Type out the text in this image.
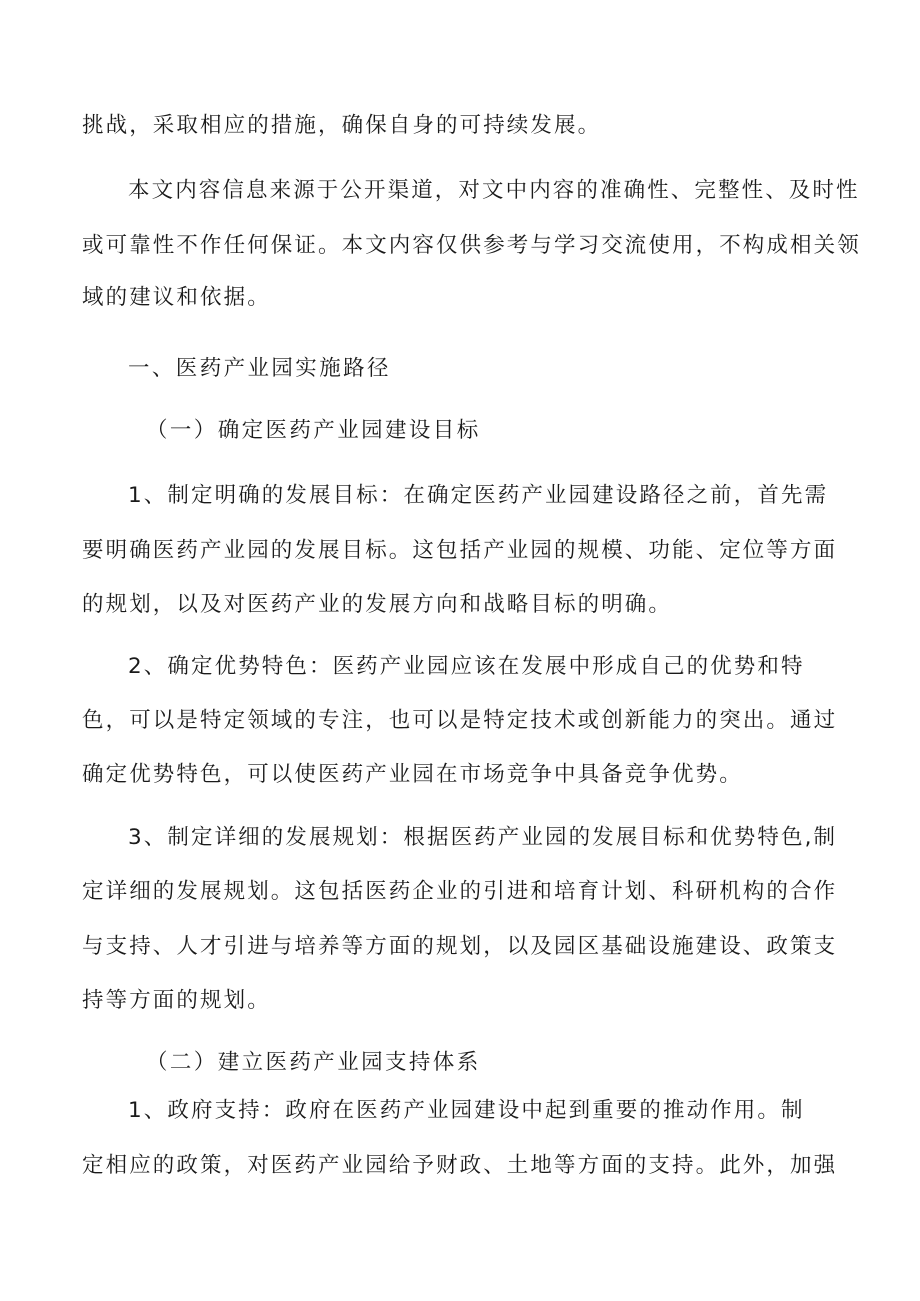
挑战，采取相应的措施，确保自身的可持续发展。
本文内容信息来源于公开渠道，对文中内容的准确性、完整性、及时性
或可靠性不作任何保证。本文内容仅供参考与学习交流使用，不构成相关领
域的建议和依据。
一、医药产业园实施路径
（一）确定医药产业园建设目标
1、制定明确的发展目标：在确定医药产业园建设路径之前，首先需
要明确医药产业园的发展目标。这包括产业园的规模、功能、定位等方面
的规划，以及对医药产业的发展方向和战略目标的明确。
2、确定优势特色：医药产业园应该在发展中形成自己的优势和特
色，可以是特定领域的专注，也可以是特定技术或创新能力的突出。通过
确定优势特色，可以使医药产业园在市场竞争中具备竞争优势。
3、制定详细的发展规划：根据医药产业园的发展目标和优势特色,制
定详细的发展规划。这包括医药企业的引进和培育计划、科研机构的合作
与支持、人才引进与培养等方面的规划，以及园区基础设施建设、政策支
持等方面的规划。
（二）建立医药产业园支持体系
1、政府支持：政府在医药产业园建设中起到重要的推动作用。制
定相应的政策，对医药产业园给予财政、土地等方面的支持。此外，加强
